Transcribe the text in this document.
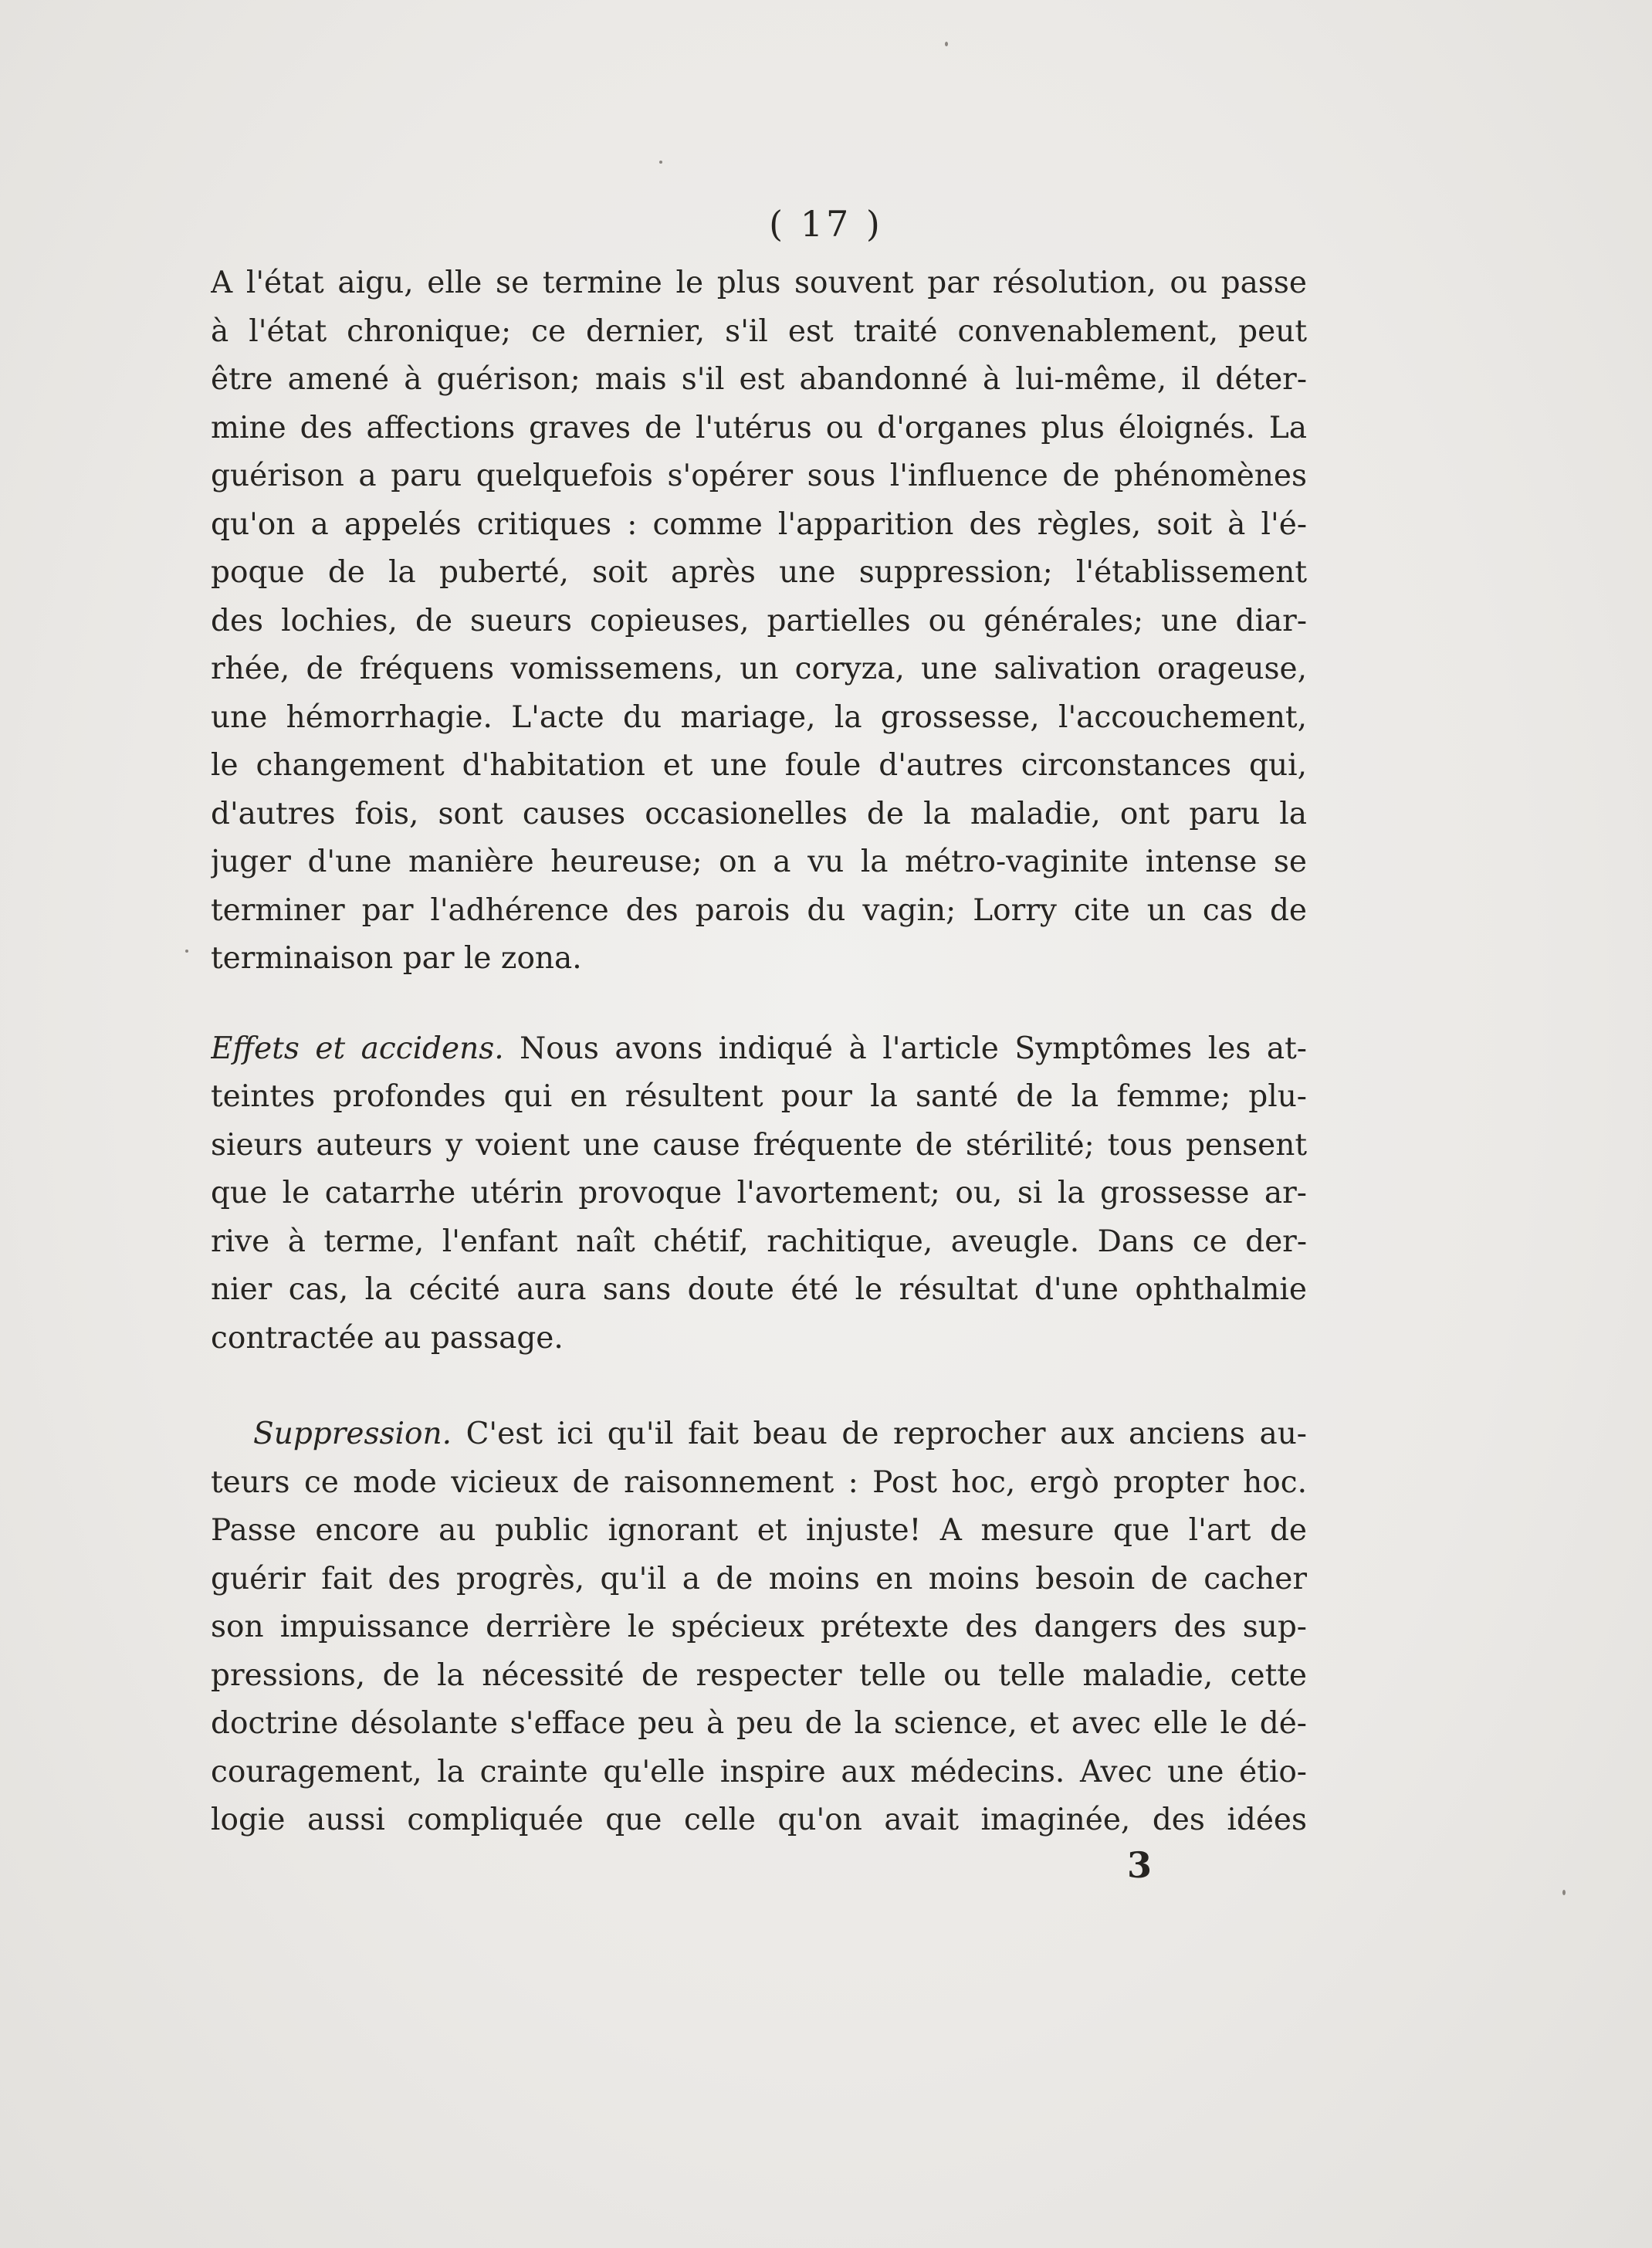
( 17 )
A l'état aigu, elle se termine le plus souvent par résolution, ou passe
à l'état chronique; ce dernier, s'il est traité convenablement, peut
être amené à guérison; mais s'il est abandonné à lui-même, il déter-
mine des affections graves de l'utérus ou d'organes plus éloignés. La
guérison a paru quelquefois s'opérer sous l'influence de phénomènes
qu'on a appelés critiques : comme l'apparition des règles, soit à l'é-
poque de la puberté, soit après une suppression; l'établissement
des lochies, de sueurs copieuses, partielles ou générales; une diar-
rhée, de fréquens vomissemens, un coryza, une salivation orageuse,
une hémorrhagie. L'acte du mariage, la grossesse, l'accouchement,
le changement d'habitation et une foule d'autres circonstances qui,
d'autres fois, sont causes occasionelles de la maladie, ont paru la
juger d'une manière heureuse; on a vu la métro-vaginite intense se
terminer par l'adhérence des parois du vagin; Lorry cite un cas de
terminaison par le zona.
Effets et accidens. Nous avons indiqué à l'article Symptômes les at-
teintes profondes qui en résultent pour la santé de la femme; plu-
sieurs auteurs y voient une cause fréquente de stérilité; tous pensent
que le catarrhe utérin provoque l'avortement; ou, si la grossesse ar-
rive à terme, l'enfant naît chétif, rachitique, aveugle. Dans ce der-
nier cas, la cécité aura sans doute été le résultat d'une ophthalmie
contractée au passage.
Suppression. C'est ici qu'il fait beau de reprocher aux anciens au-
teurs ce mode vicieux de raisonnement : Post hoc, ergò propter hoc.
Passe encore au public ignorant et injuste! A mesure que l'art de
guérir fait des progrès, qu'il a de moins en moins besoin de cacher
son impuissance derrière le spécieux prétexte des dangers des sup-
pressions, de la nécessité de respecter telle ou telle maladie, cette
doctrine désolante s'efface peu à peu de la science, et avec elle le dé-
couragement, la crainte qu'elle inspire aux médecins. Avec une étio-
logie aussi compliquée que celle qu'on avait imaginée, des idées
3
